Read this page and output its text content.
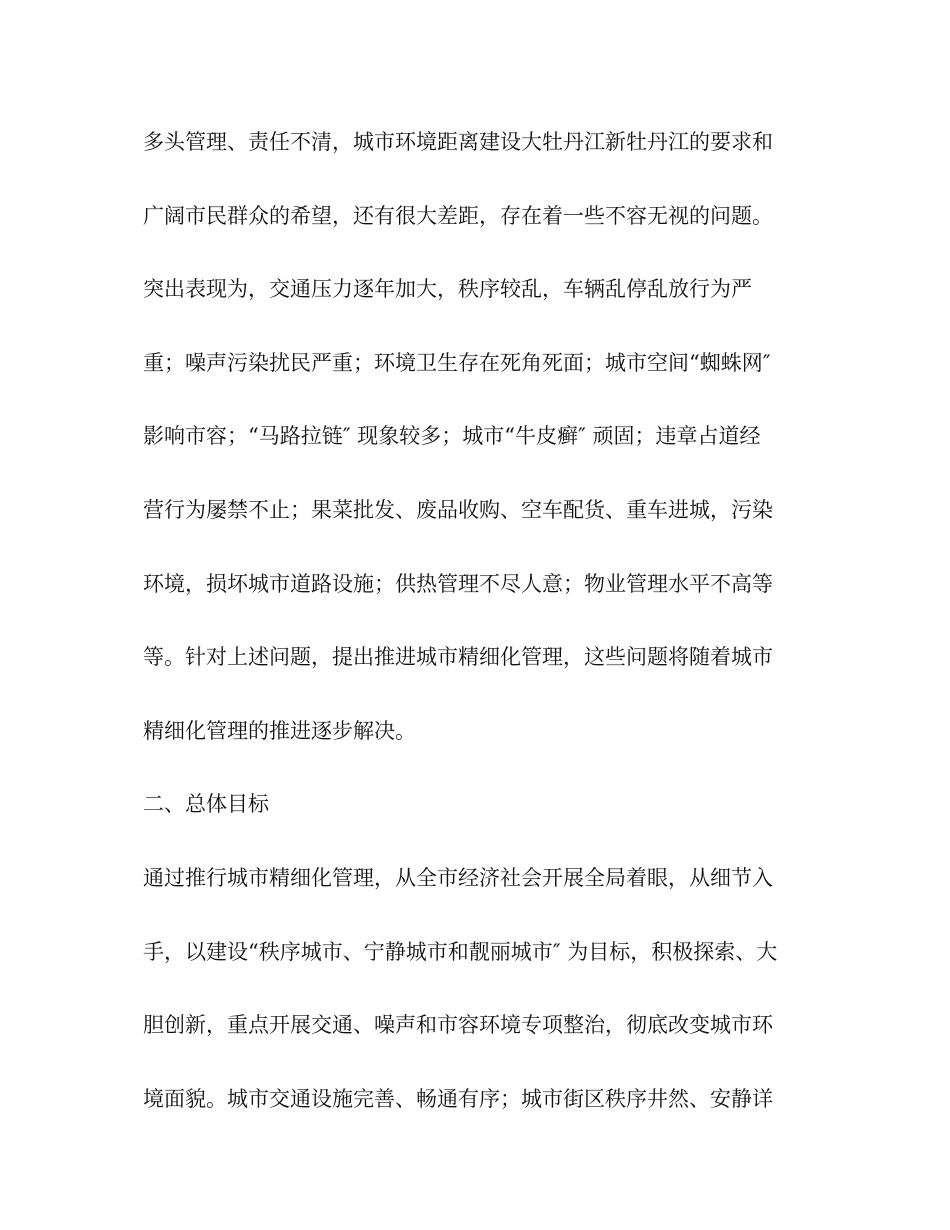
多头管理、责任不清，城市环境距离建设大牡丹江新牡丹江的要求和
广阔市民群众的希望，还有很大差距，存在着一些不容无视的问题。
突出表现为，交通压力逐年加大，秩序较乱，车辆乱停乱放行为严
重；噪声污染扰民严重；环境卫生存在死角死面；城市空间“蜘蛛网″
影响市容；“马路拉链″ 现象较多；城市“牛皮癣″ 顽固；违章占道经
营行为屡禁不止；果菜批发、废品收购、空车配货、重车进城，污染
环境，损坏城市道路设施；供热管理不尽人意；物业管理水平不高等
等。针对上述问题，提出推进城市精细化管理，这些问题将随着城市
精细化管理的推进逐步解决。
二、总体目标
通过推行城市精细化管理，从全市经济社会开展全局着眼，从细节入
手，以建设“秩序城市、宁静城市和靓丽城市″ 为目标，积极探索、大
胆创新，重点开展交通、噪声和市容环境专项整治，彻底改变城市环
境面貌。城市交通设施完善、畅通有序；城市街区秩序井然、安静详
